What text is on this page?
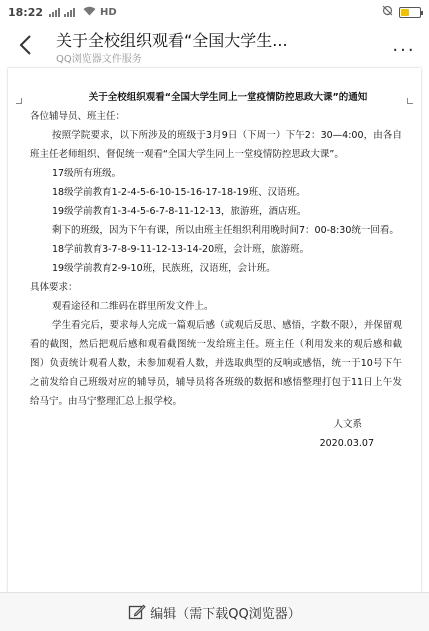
18:22	HD
关于全校组织观看“全国大学生...
QQ浏览器文件服务
...
关于全校组织观看“全国大学生同上一堂疫情防控思政大课”的通知
各位辅导员、班主任：
按照学院要求，以下所涉及的班级于3月9日（下周一）下午2：30—4:00，由各自班主任老师组织、督促统一观看“全国大学生同上一堂疫情防控思政大课”。
17级所有班级。
18级学前教育1-2-4-5-6-10-15-16-17-18-19班、汉语班。
19级学前教育1-3-4-5-6-7-8-11-12-13，旅游班，酒店班。
剩下的班级，因为下午有课，所以由班主任组织利用晚时间7：00-8:30统一回看。
18学前教育3-7-8-9-11-12-13-14-20班，会计班，旅游班。
19级学前教育2-9-10班，民族班，汉语班，会计班。
具体要求：
观看途径和二维码在群里所发文件上。
学生看完后，要求每人完成一篇观后感（或观后反思、感悟，字数不限），并保留观看的截图，然后把观后感和观看截图统一发给班主任。班主任（利用发来的观后感和截图）负责统计观看人数，未参加观看人数，并选取典型的反响或感悟，统一于10号下午之前发给自己班级对应的辅导员，辅导员将各班级的数据和感悟整理打包于11日上午发给马宁。由马宁整理汇总上报学校。
人文系
2020.03.07
编辑（需下载QQ浏览器）
